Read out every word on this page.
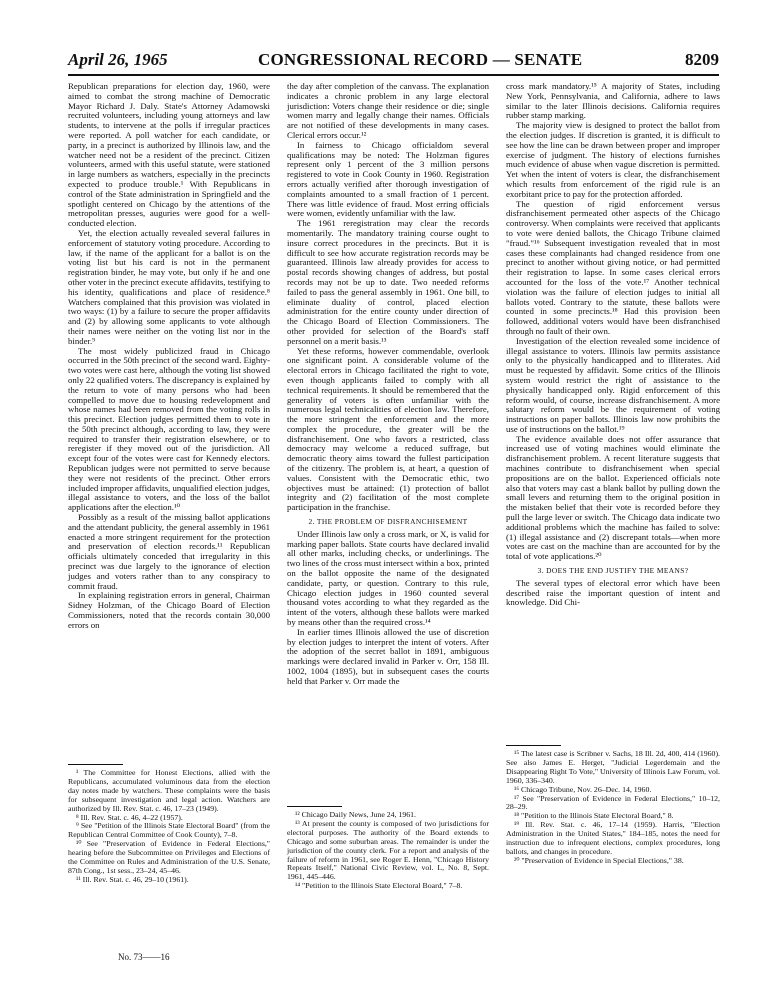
April 26, 1965	CONGRESSIONAL RECORD — SENATE	8209

Republican preparations for election day, 1960, were aimed to combat the strong machine of Democratic Mayor Richard J. Daly. State's Attorney Adamowski recruited volunteers, including young attorneys and law students, to intervene at the polls if irregular practices were reported. A poll watcher for each candidate, or party, in a precinct is authorized by Illinois law, and the watcher need not be a resident of the precinct. Citizen volunteers, armed with this useful statute, were stationed in large numbers as watchers, especially in the precincts expected to produce trouble.¹ With Republicans in control of the State administration in Springfield and the spotlight centered on Chicago by the attentions of the metropolitan presses, auguries were good for a well-conducted election.

Yet, the election actually revealed several failures in enforcement of statutory voting procedure. According to law, if the name of the applicant for a ballot is on the voting list but his card is not in the permanent registration binder, he may vote, but only if he and one other voter in the precinct execute affidavits, testifying to his identity, qualifications and place of residence.⁸ Watchers complained that this provision was violated in two ways: (1) by a failure to secure the proper affidavits and (2) by allowing some applicants to vote although their names were neither on the voting list nor in the binder.⁹

The most widely publicized fraud in Chicago occurred in the 50th precinct of the second ward. Eighty-two votes were cast here, although the voting list showed only 22 qualified voters. The discrepancy is explained by the return to vote of many persons who had been compelled to move due to housing redevelopment and whose names had been removed from the voting rolls in this precinct. Election judges permitted them to vote in the 50th precinct although, according to law, they were required to transfer their registration elsewhere, or to reregister if they moved out of the jurisdiction. All except four of the votes were cast for Kennedy electors. Republican judges were not permitted to serve because they were not residents of the precinct. Other errors included improper affidavits, unqualified election judges, illegal assistance to voters, and the loss of the ballot applications after the election.¹⁰

Possibly as a result of the missing ballot applications and the attendant publicity, the general assembly in 1961 enacted a more stringent requirement for the protection and preservation of election records.¹¹ Republican officials ultimately conceded that irregularity in this precinct was due largely to the ignorance of election judges and voters rather than to any conspiracy to commit fraud.

In explaining registration errors in general, Chairman Sidney Holzman, of the Chicago Board of Election Commissioners, noted that the records contain 30,000 errors on

¹ The Committee for Honest Elections, allied with the Republicans, accumulated voluminous data from the election day notes made by watchers. These complaints were the basis for subsequent investigation and legal action. Watchers are authorized by Ill. Rev. Stat. c. 46, 17–23 (1949).

⁸ Ill. Rev. Stat. c. 46, 4–22 (1957).

⁹ See "Petition of the Illinois State Electoral Board" (from the Republican Central Committee of Cook County), 7–8.

¹⁰ See "Preservation of Evidence in Federal Elections," hearing before the Subcommittee on Privileges and Elections of the Committee on Rules and Administration of the U.S. Senate, 87th Cong., 1st sess., 23–24, 45–46.

¹¹ Ill. Rev. Stat. c. 46, 29–10 (1961).

the day after completion of the canvass. The explanation indicates a chronic problem in any large electoral jurisdiction: Voters change their residence or die; single women marry and legally change their names. Officials are not notified of these developments in many cases. Clerical errors occur.¹²

In fairness to Chicago officialdom several qualifications may be noted: The Holzman figures represent only 1 percent of the 3 million persons registered to vote in Cook County in 1960. Registration errors actually verified after thorough investigation of complaints amounted to a small fraction of 1 percent. There was little evidence of fraud. Most erring officials were women, evidently unfamiliar with the law.

The 1961 reregistration may clear the records momentarily. The mandatory training course ought to insure correct procedures in the precincts. But it is difficult to see how accurate registration records may be guaranteed. Illinois law already provides for access to postal records showing changes of address, but postal records may not be up to date. Two needed reforms failed to pass the general assembly in 1961. One bill, to eliminate duality of control, placed election administration for the entire county under direction of the Chicago Board of Election Commissioners. The other provided for selection of the Board's staff personnel on a merit basis.¹³

Yet these reforms, however commendable, overlook one significant point. A considerable volume of the electoral errors in Chicago facilitated the right to vote, even though applicants failed to comply with all technical requirements. It should be remembered that the generality of voters is often unfamiliar with the numerous legal technicalities of election law. Therefore, the more stringent the enforcement and the more complex the procedure, the greater will be the disfranchisement. One who favors a restricted, class democracy may welcome a reduced suffrage, but democratic theory aims toward the fullest participation of the citizenry. The problem is, at heart, a question of values. Consistent with the Democratic ethic, two objectives must be attained: (1) protection of ballot integrity and (2) facilitation of the most complete participation in the franchise.

2. THE PROBLEM OF DISFRANCHISEMENT

Under Illinois law only a cross mark, or X, is valid for marking paper ballots. State courts have declared invalid all other marks, including checks, or underlinings. The two lines of the cross must intersect within a box, printed on the ballot opposite the name of the designated candidate, party, or question. Contrary to this rule, Chicago election judges in 1960 counted several thousand votes according to what they regarded as the intent of the voters, although these ballots were marked by means other than the required cross.¹⁴

In earlier times Illinois allowed the use of discretion by election judges to interpret the intent of voters. After the adoption of the secret ballot in 1891, ambiguous markings were declared invalid in Parker v. Orr, 158 Ill. 1002, 1004 (1895), but in subsequent cases the courts held that Parker v. Orr made the

¹² Chicago Daily News, June 24, 1961.

¹³ At present the county is composed of two jurisdictions for electoral purposes. The authority of the Board extends to Chicago and some suburban areas. The remainder is under the jurisdiction of the county clerk. For a report and analysis of the failure of reform in 1961, see Roger E. Henn, "Chicago History Repeats Itself," National Civic Review, vol. L, No. 8, Sept. 1961, 445–446.

¹⁴ "Petition to the Illinois State Electoral Board," 7–8.

cross mark mandatory.¹⁵ A majority of States, including New York, Pennsylvania, and California, adhere to laws similar to the later Illinois decisions. California requires rubber stamp marking.

The majority view is designed to protect the ballot from the election judges. If discretion is granted, it is difficult to see how the line can be drawn between proper and improper exercise of judgment. The history of elections furnishes much evidence of abuse when vague discretion is permitted. Yet when the intent of voters is clear, the disfranchisement which results from enforcement of the rigid rule is an exorbitant price to pay for the protection afforded.

The question of rigid enforcement versus disfranchisement permeated other aspects of the Chicago controversy. When complaints were received that applicants to vote were denied ballots, the Chicago Tribune claimed "fraud."¹⁶ Subsequent investigation revealed that in most cases these complainants had changed residence from one precinct to another without giving notice, or had permitted their registration to lapse. In some cases clerical errors accounted for the loss of the vote.¹⁷ Another technical violation was the failure of election judges to initial all ballots voted. Contrary to the statute, these ballots were counted in some precincts.¹⁸ Had this provision been followed, additional voters would have been disfranchised through no fault of their own.

Investigation of the election revealed some incidence of illegal assistance to voters. Illinois law permits assistance only to the physically handicapped and to illiterates. Aid must be requested by affidavit. Some critics of the Illinois system would restrict the right of assistance to the physically handicapped only. Rigid enforcement of this reform would, of course, increase disfranchisement. A more salutary reform would be the requirement of voting instructions on paper ballots. Illinois law now prohibits the use of instructions on the ballot.¹⁹

The evidence available does not offer assurance that increased use of voting machines would eliminate the disfranchisement problem. A recent literature suggests that machines contribute to disfranchisement when special propositions are on the ballot. Experienced officials note also that voters may cast a blank ballot by pulling down the small levers and returning them to the original position in the mistaken belief that their vote is recorded before they pull the large lever or switch. The Chicago data indicate two additional problems which the machine has failed to solve: (1) illegal assistance and (2) discrepant totals—when more votes are cast on the machine than are accounted for by the total of vote applications.²⁰

3. DOES THE END JUSTIFY THE MEANS?

The several types of electoral error which have been described raise the important question of intent and knowledge. Did Chi-

¹⁵ The latest case is Scribner v. Sachs, 18 Ill. 2d, 400, 414 (1960). See also James E. Herget, "Judicial Legerdemain and the Disappearing Right To Vote," University of Illinois Law Forum, vol. 1960, 336–340.

¹⁶ Chicago Tribune, Nov. 26–Dec. 14, 1960.

¹⁷ See "Preservation of Evidence in Federal Elections," 10–12, 28–29.

¹⁸ "Petition to the Illinois State Electoral Board," 8.

¹⁹ Ill. Rev. Stat. c. 46, 17–14 (1959). Harris, "Election Administration in the United States," 184–185, notes the need for instruction due to infrequent elections, complex procedures, long ballots, and changes in procedure.

²⁰ "Preservation of Evidence in Special Elections," 38.

No. 73——16
